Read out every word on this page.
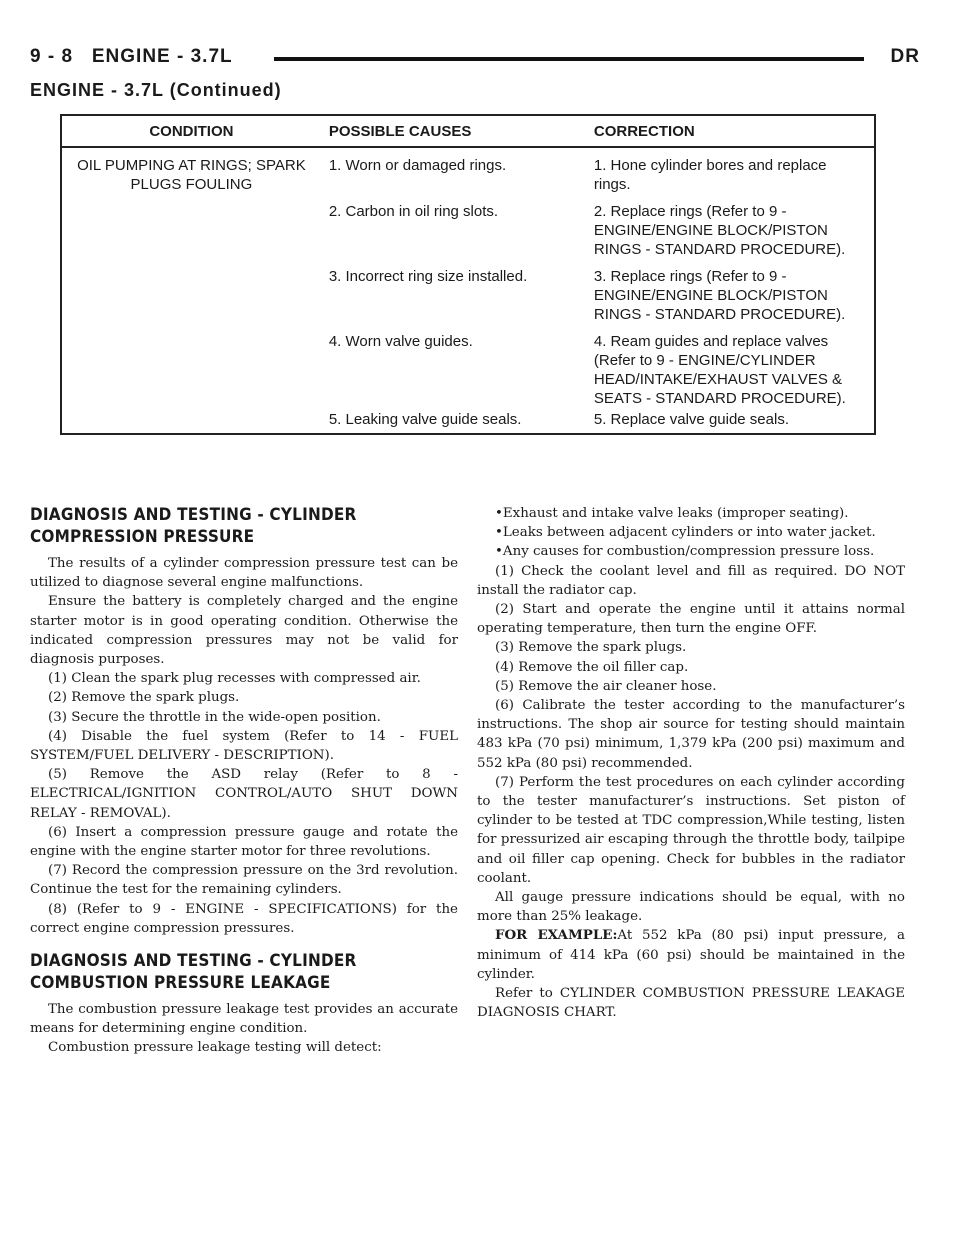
9 - 8 ENGINE - 3.7L	DR
ENGINE - 3.7L (Continued)
CONDITION	POSSIBLE CAUSES	CORRECTION
OIL PUMPING AT RINGS; SPARK PLUGS FOULING	1. Worn or damaged rings.	1. Hone cylinder bores and replace rings.
	2. Carbon in oil ring slots.	2. Replace rings (Refer to 9 - ENGINE/ENGINE BLOCK/PISTON RINGS - STANDARD PROCEDURE).
	3. Incorrect ring size installed.	3. Replace rings (Refer to 9 - ENGINE/ENGINE BLOCK/PISTON RINGS - STANDARD PROCEDURE).
	4. Worn valve guides.	4. Ream guides and replace valves (Refer to 9 - ENGINE/CYLINDER HEAD/INTAKE/EXHAUST VALVES & SEATS - STANDARD PROCEDURE).
	5. Leaking valve guide seals.	5. Replace valve guide seals.
DIAGNOSIS AND TESTING - CYLINDER COMPRESSION PRESSURE

The results of a cylinder compression pressure test can be utilized to diagnose several engine malfunctions.

Ensure the battery is completely charged and the engine starter motor is in good operating condition. Otherwise the indicated compression pressures may not be valid for diagnosis purposes.

(1) Clean the spark plug recesses with compressed air.

(2) Remove the spark plugs.

(3) Secure the throttle in the wide-open position.

(4) Disable the fuel system (Refer to 14 - FUEL SYSTEM/FUEL DELIVERY - DESCRIPTION).

(5) Remove the ASD relay (Refer to 8 - ELECTRICAL/IGNITION CONTROL/AUTO SHUT DOWN RELAY - REMOVAL).

(6) Insert a compression pressure gauge and rotate the engine with the engine starter motor for three revolutions.

(7) Record the compression pressure on the 3rd revolution. Continue the test for the remaining cylinders.

(8) (Refer to 9 - ENGINE - SPECIFICATIONS) for the correct engine compression pressures.

DIAGNOSIS AND TESTING - CYLINDER COMBUSTION PRESSURE LEAKAGE

The combustion pressure leakage test provides an accurate means for determining engine condition.

Combustion pressure leakage testing will detect:

•Exhaust and intake valve leaks (improper seating).

•Leaks between adjacent cylinders or into water jacket.

•Any causes for combustion/compression pressure loss.

(1) Check the coolant level and fill as required. DO NOT install the radiator cap.

(2) Start and operate the engine until it attains normal operating temperature, then turn the engine OFF.

(3) Remove the spark plugs.

(4) Remove the oil filler cap.

(5) Remove the air cleaner hose.

(6) Calibrate the tester according to the manufacturer’s instructions. The shop air source for testing should maintain 483 kPa (70 psi) minimum, 1,379 kPa (200 psi) maximum and 552 kPa (80 psi) recommended.

(7) Perform the test procedures on each cylinder according to the tester manufacturer’s instructions. Set piston of cylinder to be tested at TDC compression,While testing, listen for pressurized air escaping through the throttle body, tailpipe and oil filler cap opening. Check for bubbles in the radiator coolant.

All gauge pressure indications should be equal, with no more than 25% leakage.

FOR EXAMPLE:At 552 kPa (80 psi) input pressure, a minimum of 414 kPa (60 psi) should be maintained in the cylinder.

Refer to CYLINDER COMBUSTION PRESSURE LEAKAGE DIAGNOSIS CHART.
